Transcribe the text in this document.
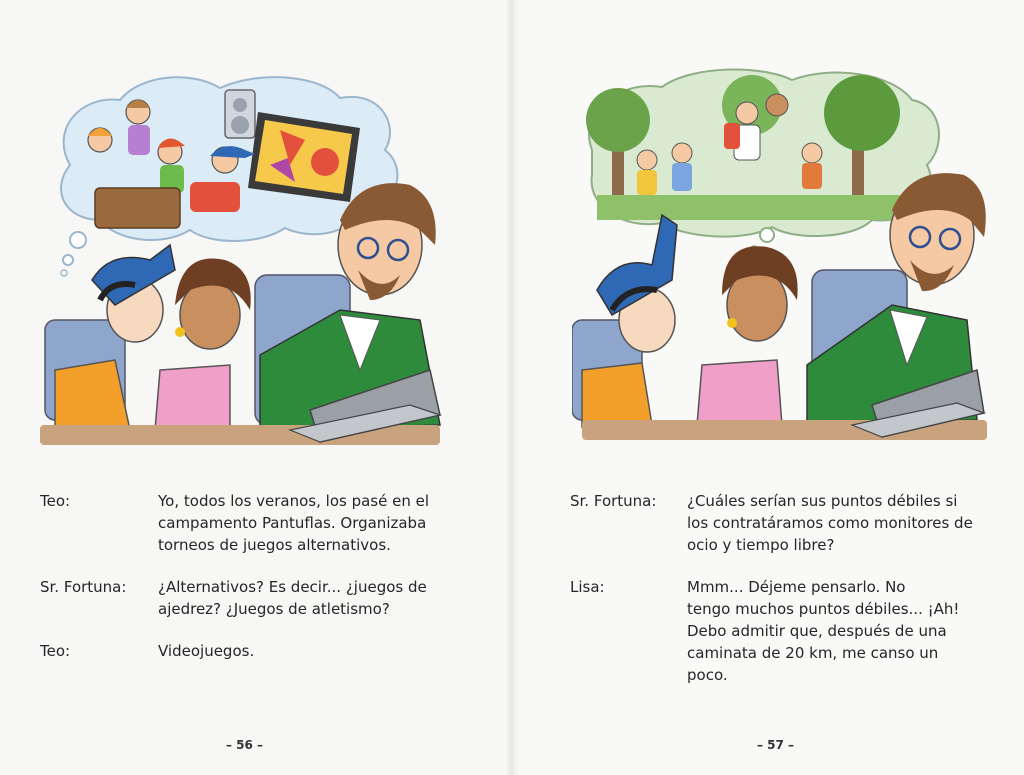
Teo:	Yo, todos los veranos, los pasé en el
campamento Pantuflas. Organizaba
torneos de juegos alternativos.
Sr. Fortuna: ¿Alternativos? Es decir... ¿juegos de
ajedrez? ¿Juegos de atletismo?
Teo:	Videojuegos.
– 56 –
Sr. Fortuna: ¿Cuáles serían sus puntos débiles si
los contratáramos como monitores de
ocio y tiempo libre?
Lisa:	Mmm... Déjeme pensarlo. No
tengo muchos puntos débiles... ¡Ah!
Debo admitir que, después de una
caminata de 20 km, me canso un
poco.
– 57 –
